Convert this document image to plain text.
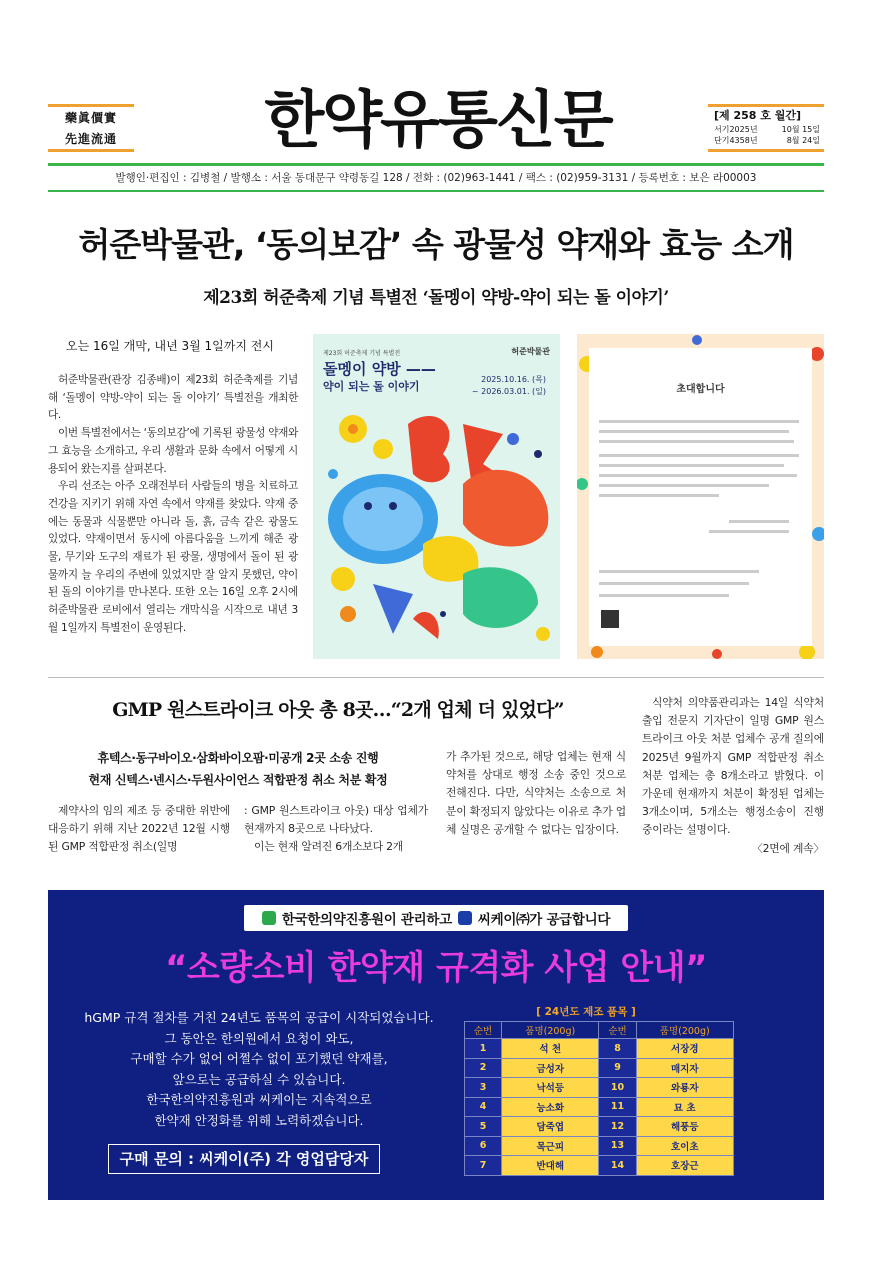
藥眞價實
先進流通	한약유통신문	[제 258 호 월간]
서기2025년	10월 15일
단기4358년	8월 24일
발행인·편집인 : 김병철 / 발행소 : 서울 동대문구 약령동길 128 / 전화 : (02)963-1441 / 팩스 : (02)959-3131 / 등록번호 : 보은 라00003
허준박물관, ‘동의보감’ 속 광물성 약재와 효능 소개
제23회 허준축제 기념 특별전 ‘돌멩이 약방-약이 되는 돌 이야기’
오는 16일 개막, 내년 3월 1일까지 전시

허준박물관(관장 김종배)이 제23회 허준축제를 기념해 ‘돌멩이 약방-약이 되는 돌 이야기’ 특별전을 개최한다.

이번 특별전에서는 ‘동의보감’에 기록된 광물성 약재와 그 효능을 소개하고, 우리 생활과 문화 속에서 어떻게 시용되어 왔는지를 살펴본다.

우리 선조는 아주 오래전부터 사람들의 병을 치료하고 건강을 지키기 위해 자연 속에서 약재를 찾았다. 약재 중에는 동물과 식물뿐만 아니라 돌, 흙, 금속 같은 광물도 있었다. 약재이면서 동시에 아름다움을 느끼게 해준 광물, 무기와 도구의 재료가 된 광물, 생명에서 돌이 된 광물까지 늘 우리의 주변에 있었지만 잘 알지 못했던, 약이 된 돌의 이야기를 만나본다. 또한 오는 16일 오후 2시에 허준박물관 로비에서 열리는 개막식을 시작으로 내년 3월 1일까지 특별전이 운영된다.

제23회 허준축제 기념 특별전	허준박물관
돌멩이 약방 ——
약이 되는 돌 이야기
2025.10.16. (목)
~ 2026.03.01. (일)	초대합니다
GMP 원스트라이크 아웃 총 8곳…“2개 업체 더 있었다”
휴텍스·동구바이오·삼화바이오팜·미공개 2곳 소송 진행
현재 신텍스·넨시스·두원사이언스 적합판정 취소 처분 확정

제약사의 임의 제조 등 중대한 위반에 대응하기 위해 지난 2022년 12월 시행된 GMP 적합판정 취소(일명

: GMP 원스트라이크 아웃) 대상 업체가 현재까지 8곳으로 나타났다.

이는 현재 알려진 6개소보다 2개

가 추가된 것으로, 해당 업체는 현재 식약처를 상대로 행정 소송 중인 것으로 전해진다. 다만, 식약처는 소송으로 처분이 확정되지 않았다는 이유로 추가 업체 실명은 공개할 수 없다는 입장이다.

식약처 의약품관리과는 14일 식약처 출입 전문지 기자단이 일명 GMP 원스트라이크 아웃 처분 업체수 공개 질의에 2025년 9월까지 GMP 적합판정 취소 처분 업체는 총 8개소라고 밝혔다. 이 가운데 현재까지 처분이 확정된 업체는 3개소이며, 5개소는 행정소송이 진행 중이라는 설명이다.

〈2면에 계속〉
한국한의약진흥원이 관리하고 씨케이㈜가 공급합니다
“소량소비 한약재 규격화 사업 안내”
hGMP 규격 절차를 거친 24년도 품목의 공급이 시작되었습니다.
그 동안은 한의원에서 요청이 와도,
구매할 수가 없어 어쩔수 없이 포기했던 약재를,
앞으로는 공급하실 수 있습니다.
한국한의약진흥원과 씨케이는 지속적으로
한약재 안정화를 위해 노력하겠습니다.
구매 문의 : 씨케이(주) 각 영업담당자
[ 24년도 제조 품목 ]
순번	품명(200g)	순번	품명(200g)
1	석 천	8	서장경
2	금성자	9	매지자
3	낙석등	10	와룡자
4	능소화	11	묘 초
5	담죽엽	12	해풍등
6	목근피	13	호이초
7	반대해	14	호장근
